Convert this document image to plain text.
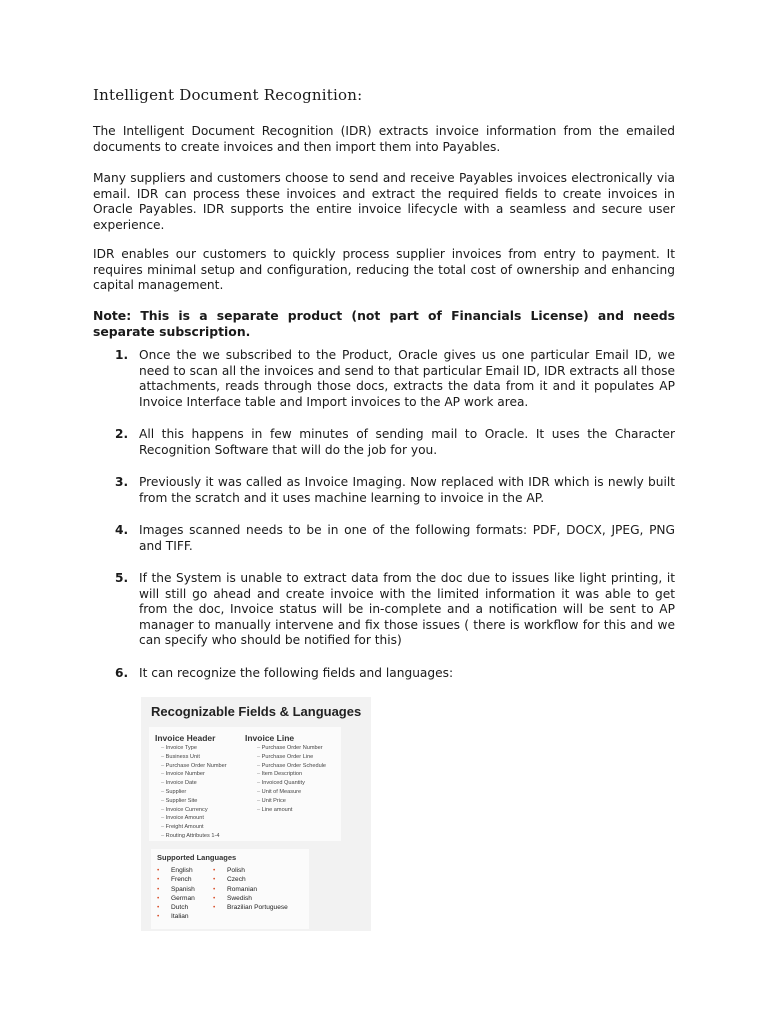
Intelligent Document Recognition:

The Intelligent Document Recognition (IDR) extracts invoice information from the emailed documents to create invoices and then import them into Payables.

Many suppliers and customers choose to send and receive Payables invoices electronically via email. IDR can process these invoices and extract the required fields to create invoices in Oracle Payables. IDR supports the entire invoice lifecycle with a seamless and secure user experience.

IDR enables our customers to quickly process supplier invoices from entry to payment. It requires minimal setup and configuration, reducing the total cost of ownership and enhancing capital management.

Note: This is a separate product (not part of Financials License) and needs separate subscription.

1. Once the we subscribed to the Product, Oracle gives us one particular Email ID, we need to scan all the invoices and send to that particular Email ID, IDR extracts all those attachments, reads through those docs, extracts the data from it and it populates AP Invoice Interface table and Import invoices to the AP work area.
2. All this happens in few minutes of sending mail to Oracle. It uses the Character Recognition Software that will do the job for you.
3. Previously it was called as Invoice Imaging. Now replaced with IDR which is newly built from the scratch and it uses machine learning to invoice in the AP.
4. Images scanned needs to be in one of the following formats: PDF, DOCX, JPEG, PNG and TIFF.
5. If the System is unable to extract data from the doc due to issues like light printing, it will still go ahead and create invoice with the limited information it was able to get from the doc, Invoice status will be in-complete and a notification will be sent to AP manager to manually intervene and fix those issues ( there is workflow for this and we can specify who should be notified for this)
6. It can recognize the following fields and languages:
Recognizable Fields & Languages
Invoice Header
– Invoice Type
– Business Unit
– Purchase Order Number
– Invoice Number
– Invoice Date
– Supplier
– Supplier Site
– Invoice Currency
– Invoice Amount
– Freight Amount
– Routing Attributes 1-4
Invoice Line
– Purchase Order Number
– Purchase Order Line
– Purchase Order Schedule
– Item Description
– Invoiced Quantity
– Unit of Measure
– Unit Price
– Line amount
Supported Languages
• English
• French
• Spanish
• German
• Dutch
• Italian
• Polish
• Czech
• Romanian
• Swedish
• Brazilian Portuguese
